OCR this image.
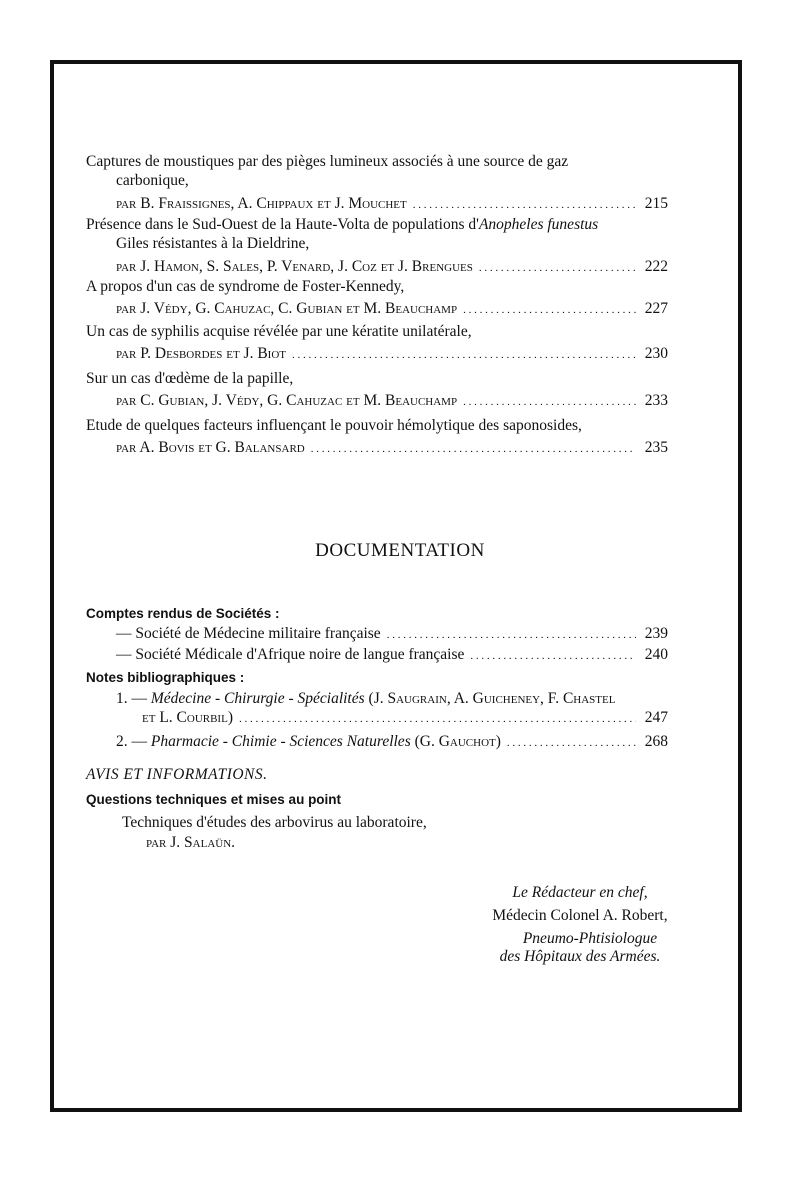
Captures de moustiques par des pièges lumineux associés à une source de gaz
carbonique,
par B. Fraissignes, A. Chippaux et J. Mouchet . . .	215
Présence dans le Sud-Ouest de la Haute-Volta de populations d'Anopheles funestus
Giles résistantes à la Dieldrine,
par J. Hamon, S. Sales, P. Venard, J. Coz et J. Brengues . . .	222
A propos d'un cas de syndrome de Foster-Kennedy,
par J. Védy, G. Cahuzac, C. Gubian et M. Beauchamp . . .	227
Un cas de syphilis acquise révélée par une kératite unilatérale,
par P. Desbordes et J. Biot . . .	230
Sur un cas d'œdème de la papille,
par C. Gubian, J. Védy, G. Cahuzac et M. Beauchamp . . .	233
Etude de quelques facteurs influençant le pouvoir hémolytique des saponosides,
par A. Bovis et G. Balansard . . .	235
DOCUMENTATION
Comptes rendus de Sociétés :
— Société de Médecine militaire française . . .	239
— Société Médicale d'Afrique noire de langue française . . .	240
Notes bibliographiques :
1. — Médecine - Chirurgie - Spécialités (J. Saugrain, A. Guicheney, F. Chastel
et L. Courbil) . . .	247
2. — Pharmacie - Chimie - Sciences Naturelles (G. Gauchot) . . .	268
AVIS ET INFORMATIONS.
Questions techniques et mises au point
Techniques d'études des arbovirus au laboratoire,
par J. Salaün.
Le Rédacteur en chef,
Médecin Colonel A. Robert,
Pneumo-Phtisiologue
des Hôpitaux des Armées.
